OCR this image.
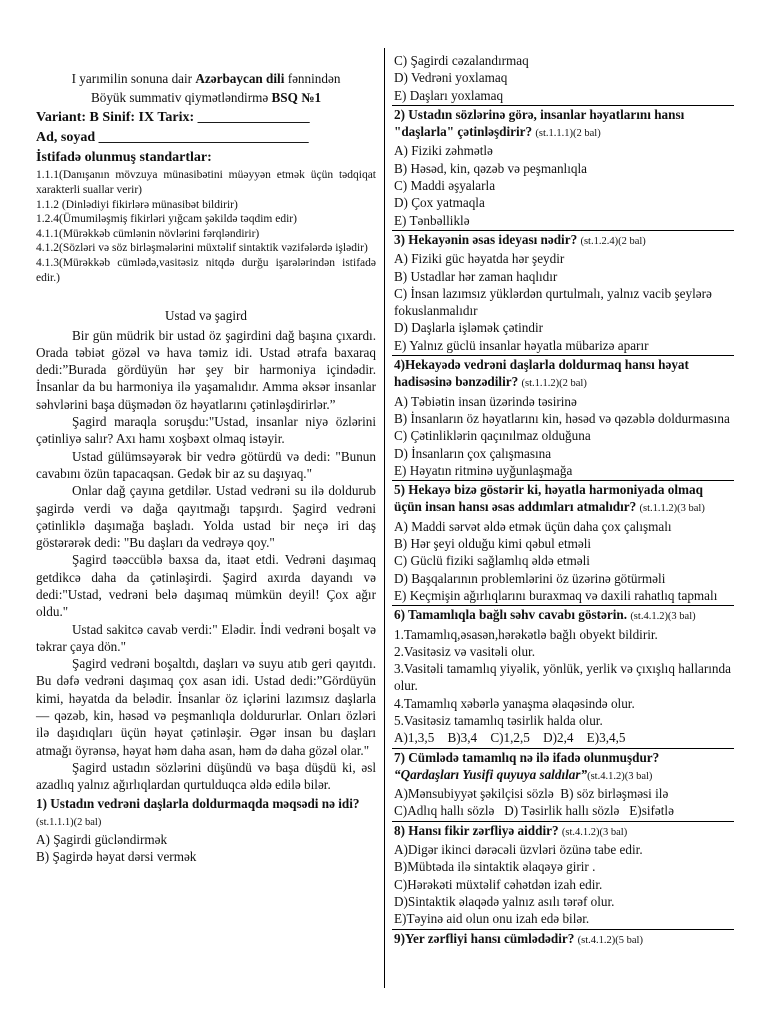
I yarımilin sonuna dair Azərbaycan dili fənnindən

Böyük summativ qiymətləndirmə BSQ №1

Variant: B Sinif: IX Tarix: ________________

Ad, soyad ______________________________

İstifadə olunmuş standartlar:

1.1.1(Danışanın mövzuya münasibətini müəyyən etmək üçün tədqiqat xarakterli suallar verir)

1.1.2 (Dinlədiyi fikirlərə münasibət bildirir)

1.2.4(Ümumiləşmiş fikirləri yığcam şəkildə təqdim edir)

4.1.1(Mürəkkəb cümlənin növlərini fərqləndirir)

4.1.2(Sözləri və söz birləşmələrini müxtəlif sintaktik vəzifələrdə işlədir)

4.1.3(Mürəkkəb cümlədə,vasitəsiz nitqdə durğu işarələrindən istifadə edir.)

Ustad və şagird

Bir gün müdrik bir ustad öz şagirdini dağ başına çıxardı. Orada təbiət gözəl və hava təmiz idi. Ustad ətrafa baxaraq dedi:”Burada gördüyün hər şey bir harmoniya içindədir. İnsanlar da bu harmoniya ilə yaşamalıdır. Amma əksər insanlar səhvlərini başa düşmədən öz həyatlarını çətinləşdirirlər.”

Şagird maraqla soruşdu:"Ustad, insanlar niyə özlərini çətinliyə salır? Axı hamı xoşbəxt olmaq istəyir.

Ustad gülümsəyərək bir vedrə götürdü və dedi: "Bunun cavabını özün tapacaqsan. Gedək bir az su daşıyaq."

Onlar dağ çayına getdilər. Ustad vedrəni su ilə doldurub şagirdə verdi və dağa qayıtmağı tapşırdı. Şagird vedrəni çətinliklə daşımağa başladı. Yolda ustad bir neçə iri daş göstərərək dedi: "Bu daşları da vedrəyə qoy."

Şagird təəccüblə baxsa da, itaət etdi. Vedrəni daşımaq getdikcə daha da çətinləşirdi. Şagird axırda dayandı və dedi:"Ustad, vedrəni belə daşımaq mümkün deyil! Çox ağır oldu."

Ustad sakitcə cavab verdi:" Elədir. İndi vedrəni boşalt və təkrar çaya dön."

Şagird vedrəni boşaltdı, daşları və suyu atıb geri qayıtdı. Bu dəfə vedrəni daşımaq çox asan idi. Ustad dedi:”Gördüyün kimi, həyatda da belədir. İnsanlar öz içlərini lazımsız daşlarla — qəzəb, kin, həsəd və peşmanlıqla doldururlar. Onları özləri ilə daşıdıqları üçün həyat çətinləşir. Əgər insan bu daşları atmağı öyrənsə, həyat həm daha asan, həm də daha gözəl olar."

Şagird ustadın sözlərini düşündü və başa düşdü ki, əsl azadlıq yalnız ağırlıqlardan qurtulduqca əldə edilə bilər.

1) Ustadın vedrəni daşlarla doldurmaqda məqsədi nə idi? (st.1.1.1)(2 bal)

A) Şagirdi gücləndirmək

B) Şagirdə həyat dərsi vermək

C) Şagirdi cəzalandırmaq

D) Vedrəni yoxlamaq

E) Daşları yoxlamaq

2) Ustadın sözlərinə görə, insanlar həyatlarını hansı "daşlarla" çətinləşdirir? (st.1.1.1)(2 bal)

A) Fiziki zəhmətlə

B) Həsəd, kin, qəzəb və peşmanlıqla

C) Maddi əşyalarla

D) Çox yatmaqla

E) Tənbəlliklə

3) Hekayənin əsas ideyası nədir? (st.1.2.4)(2 bal)

A) Fiziki güc həyatda hər şeydir

B) Ustadlar hər zaman haqlıdır

C) İnsan lazımsız yüklərdən qurtulmalı, yalnız vacib şeylərə fokuslanmalıdır

D) Daşlarla işləmək çətindir

E) Yalnız güclü insanlar həyatla mübarizə aparır

4)Hekayədə vedrəni daşlarla doldurmaq hansı həyat hadisəsinə bənzədilir? (st.1.1.2)(2 bal)

A) Təbiətin insan üzərində təsirinə

B) İnsanların öz həyatlarını kin, həsəd və qəzəblə doldurmasına

C) Çətinliklərin qaçınılmaz olduğuna

D) İnsanların çox çalışmasına

E) Həyatın ritminə uyğunlaşmağa

5) Hekayə bizə göstərir ki, həyatla harmoniyada olmaq üçün insan hansı əsas addımları atmalıdır? (st.1.1.2)(3 bal)

A) Maddi sərvət əldə etmək üçün daha çox çalışmalı

B) Hər şeyi olduğu kimi qəbul etməli

C) Güclü fiziki sağlamlıq əldə etməli

D) Başqalarının problemlərini öz üzərinə götürməli

E) Keçmişin ağırlıqlarını buraxmaq və daxili rahatlıq tapmalı

6) Tamamlıqla bağlı səhv cavabı göstərin. (st.4.1.2)(3 bal)

1.Tamamlıq,əsasən,hərəkətlə bağlı obyekt bildirir.

2.Vasitəsiz və vasitəli olur.

3.Vasitəli tamamlıq yiyəlik, yönlük, yerlik və çıxışlıq hallarında olur.

4.Tamamlıq xəbərlə yanaşma əlaqəsində olur.

5.Vasitəsiz tamamlıq təsirlik halda olur.

A)1,3,5    B)3,4    C)1,2,5    D)2,4    E)3,4,5

7) Cümlədə tamamlıq nə ilə ifadə olunmuşdur?

“Qardaşları Yusifi quyuya saldılar”(st.4.1.2)(3 bal)

A)Mənsubiyyət şəkilçisi sözlə  B) söz birləşməsi ilə

C)Adlıq hallı sözlə   D) Təsirlik hallı sözlə   E)sifətlə

8) Hansı fikir zərfliyə aiddir? (st.4.1.2)(3 bal)

A)Digər ikinci dərəcəli üzvləri özünə tabe edir.

B)Mübtəda ilə sintaktik əlaqəyə girir .

C)Hərəkəti müxtəlif cəhətdən izah edir.

D)Sintaktik əlaqədə yalnız asılı tərəf olur.

E)Təyinə aid olun onu izah edə bilər.

9)Yer zərfliyi hansı cümlədədir? (st.4.1.2)(5 bal)
